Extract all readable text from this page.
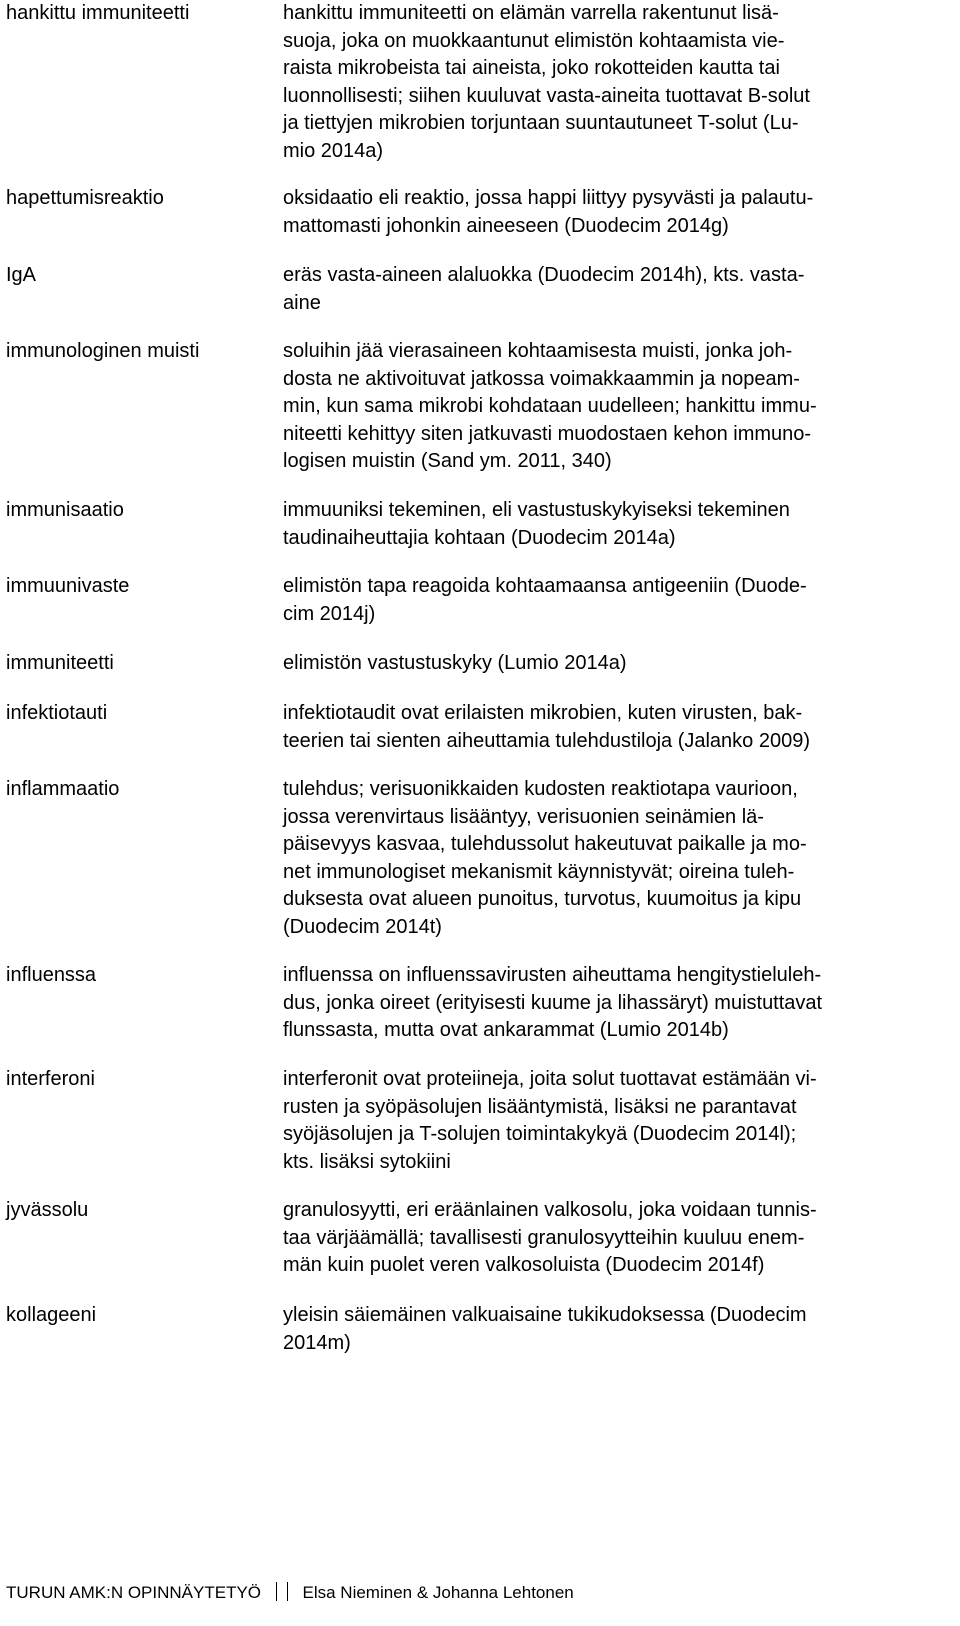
hankittu immuniteetti	hankittu immuniteetti on elämän varrella rakentunut lisä-
suoja, joka on muokkaantunut elimistön kohtaamista vie-
raista mikrobeista tai aineista, joko rokotteiden kautta tai
luonnollisesti; siihen kuuluvat vasta-aineita tuottavat B-solut
ja tiettyjen mikrobien torjuntaan suuntautuneet T-solut (Lu-
mio 2014a)
hapettumisreaktio	oksidaatio eli reaktio, jossa happi liittyy pysyvästi ja palautu-
mattomasti johonkin aineeseen (Duodecim 2014g)
IgA	eräs vasta-aineen alaluokka (Duodecim 2014h), kts. vasta-
aine
immunologinen muisti	soluihin jää vierasaineen kohtaamisesta muisti, jonka joh-
dosta ne aktivoituvat jatkossa voimakkaammin ja nopeam-
min, kun sama mikrobi kohdataan uudelleen; hankittu immu-
niteetti kehittyy siten jatkuvasti muodostaen kehon immuno-
logisen muistin (Sand ym. 2011, 340)
immunisaatio	immuuniksi tekeminen, eli vastustuskykyiseksi tekeminen
taudinaiheuttajia kohtaan (Duodecim 2014a)
immuunivaste	elimistön tapa reagoida kohtaamaansa antigeeniin (Duode-
cim 2014j)
immuniteetti	elimistön vastustuskyky (Lumio 2014a)
infektiotauti	infektiotaudit ovat erilaisten mikrobien, kuten virusten, bak-
teerien tai sienten aiheuttamia tulehdustiloja (Jalanko 2009)
inflammaatio	tulehdus; verisuonikkaiden kudosten reaktiotapa vaurioon,
jossa verenvirtaus lisääntyy, verisuonien seinämien lä-
päisevyys kasvaa, tulehdussolut hakeutuvat paikalle ja mo-
net immunologiset mekanismit käynnistyvät; oireina tuleh-
duksesta ovat alueen punoitus, turvotus, kuumoitus ja kipu
(Duodecim 2014t)
influenssa	influenssa on influenssavirusten aiheuttama hengitystieluleh-
dus, jonka oireet (erityisesti kuume ja lihassäryt) muistuttavat
flunssasta, mutta ovat ankarammat (Lumio 2014b)
interferoni	interferonit ovat proteiineja, joita solut tuottavat estämään vi-
rusten ja syöpäsolujen lisääntymistä, lisäksi ne parantavat
syöjäsolujen ja T-solujen toimintakykyä (Duodecim 2014l);
kts. lisäksi sytokiini
jyvässolu	granulosyytti, eri eräänlainen valkosolu, joka voidaan tunnis-
taa värjäämällä; tavallisesti granulosyytteihin kuuluu enem-
män kuin puolet veren valkosoluista (Duodecim 2014f)
kollageeni	yleisin säiemäinen valkuaisaine tukikudoksessa (Duodecim
2014m)
TURUN AMK:N OPINNÄYTETYÖ Elsa Nieminen & Johanna Lehtonen
